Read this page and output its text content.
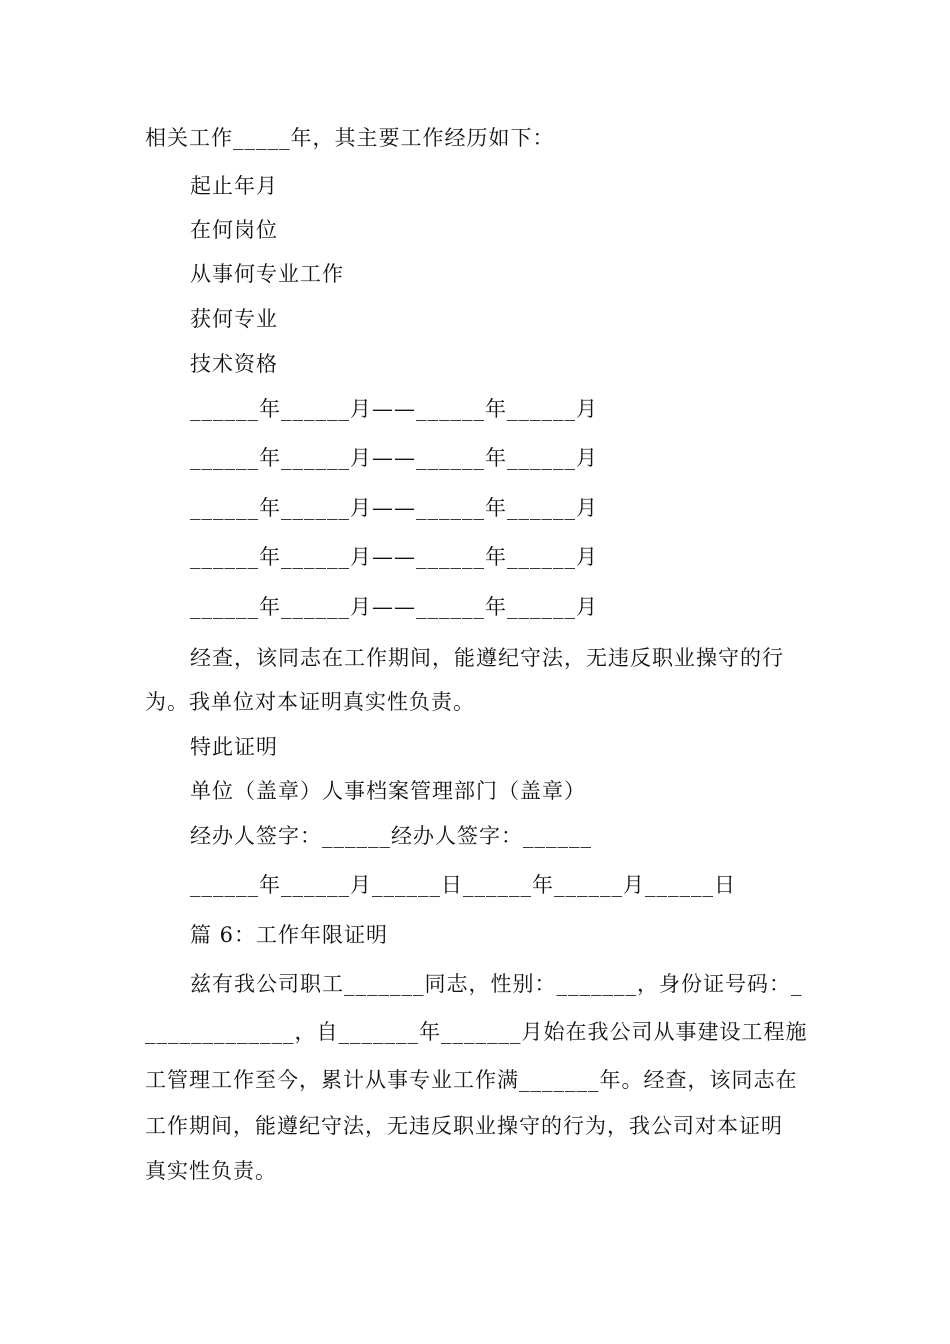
相关工作_____年，其主要工作经历如下：
起止年月
在何岗位
从事何专业工作
获何专业
技术资格
______年______月——______年______月
______年______月——______年______月
______年______月——______年______月
______年______月——______年______月
______年______月——______年______月
经查，该同志在工作期间，能遵纪守法，无违反职业操守的行
为。我单位对本证明真实性负责。
特此证明
单位（盖章）人事档案管理部门（盖章）
经办人签字：______经办人签字：______
______年______月______日______年______月______日
篇 6：工作年限证明
兹有我公司职工_______同志，性别：_______，身份证号码：_
_____________，自_______年_______月始在我公司从事建设工程施
工管理工作至今，累计从事专业工作满_______年。经查，该同志在
工作期间，能遵纪守法，无违反职业操守的行为，我公司对本证明
真实性负责。
